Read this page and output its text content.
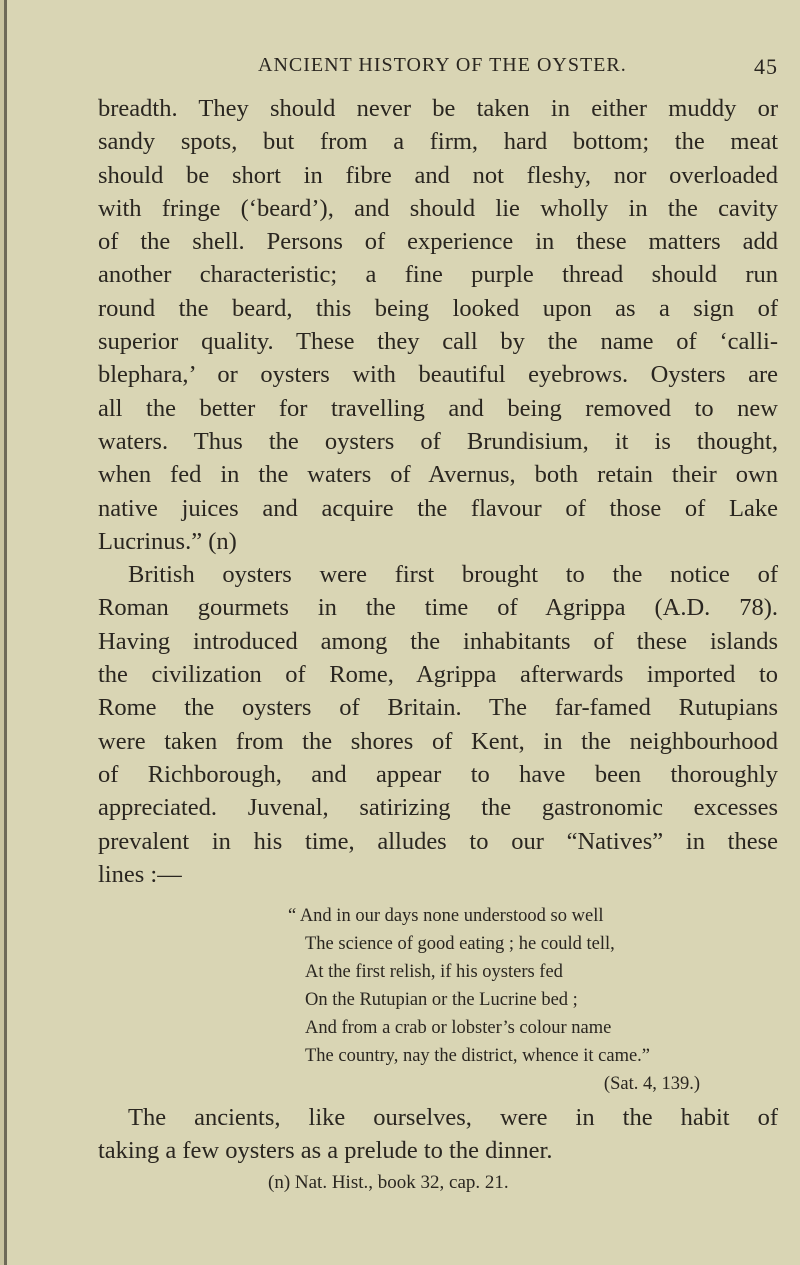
ANCIENT HISTORY OF THE OYSTER.	45
breadth. They should never be taken in either muddy or
sandy spots, but from a firm, hard bottom; the meat
should be short in fibre and not fleshy, nor overloaded
with fringe (‘beard’), and should lie wholly in the cavity
of the shell. Persons of experience in these matters add
another characteristic; a fine purple thread should run
round the beard, this being looked upon as a sign of
superior quality. These they call by the name of ‘calli-
blephara,’ or oysters with beautiful eyebrows. Oysters are
all the better for travelling and being removed to new
waters. Thus the oysters of Brundisium, it is thought,
when fed in the waters of Avernus, both retain their own
native juices and acquire the flavour of those of Lake
Lucrinus.” (n)
British oysters were first brought to the notice of
Roman gourmets in the time of Agrippa (A.D. 78).
Having introduced among the inhabitants of these islands
the civilization of Rome, Agrippa afterwards imported to
Rome the oysters of Britain. The far-famed Rutupians
were taken from the shores of Kent, in the neighbourhood
of Richborough, and appear to have been thoroughly
appreciated. Juvenal, satirizing the gastronomic excesses
prevalent in his time, alludes to our “Natives” in these
lines :—
“ And in our days none understood so well
The science of good eating ; he could tell,
At the first relish, if his oysters fed
On the Rutupian or the Lucrine bed ;
And from a crab or lobster’s colour name
The country, nay the district, whence it came.”
(Sat. 4, 139.)
The ancients, like ourselves, were in the habit of
taking a few oysters as a prelude to the dinner.
(n) Nat. Hist., book 32, cap. 21.
